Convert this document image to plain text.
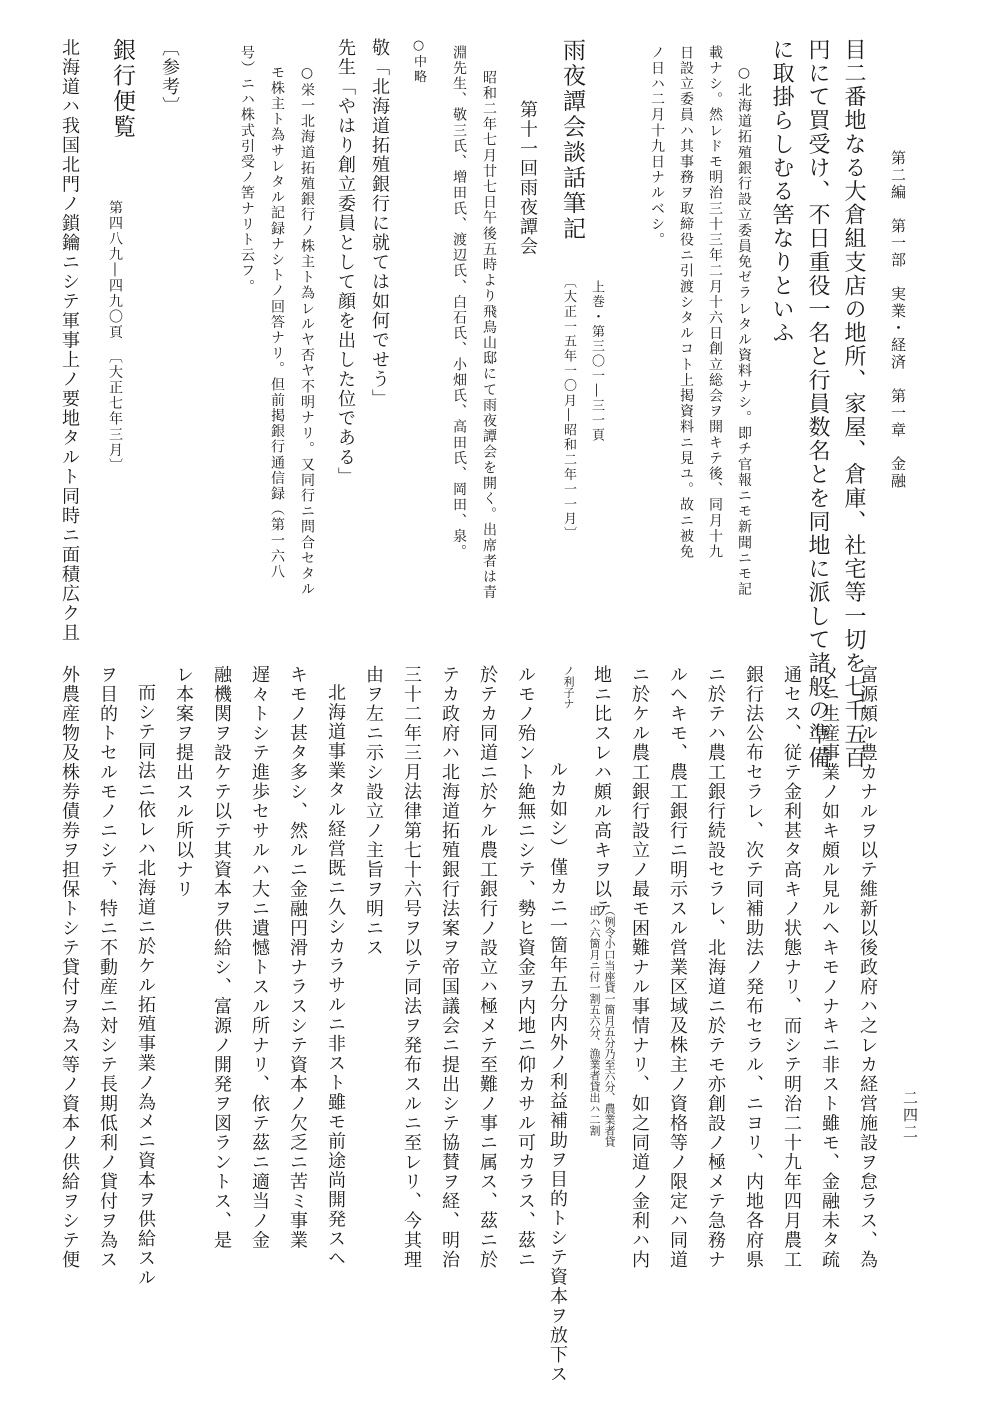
第二編　第一部　実業・経済　第一章　金融
二四二
目二番地なる大倉組支店の地所、家屋、倉庫、社宅等一切を七千五百
円にて買受け、不日重役一名と行員数名とを同地に派して諸般の準備
に取掛らしむる筈なりといふ
○北海道拓殖銀行設立委員免ゼラレタル資料ナシ。即チ官報ニモ新聞ニモ記
載ナシ。然レドモ明治三十三年二月十六日創立総会ヲ開キテ後、同月十九
日設立委員ハ其事務ヲ取締役ニ引渡シタルコト上掲資料ニ見ユ。故ニ被免
ノ日ハ二月十九日ナルベシ。
雨夜譚会談話筆記
上巻・第三〇一―三一頁
〔大正一五年一〇月―昭和二年一一月〕
第十一回雨夜譚会
昭和二年七月廿七日午後五時より飛鳥山邸にて雨夜譚会を開く。出席者は青
淵先生、敬三氏、増田氏、渡辺氏、白石氏、小畑氏、高田氏、岡田、泉。
○中略
敬「北海道拓殖銀行に就ては如何でせう」
先生「やはり創立委員として顔を出した位である」
○栄一北海道拓殖銀行ノ株主ト為レルヤ否ヤ不明ナリ。又同行ニ問合セタル
モ株主ト為サレタル記録ナシトノ回答ナリ。但前掲銀行通信録（第一六八
号）ニハ株式引受ノ筈ナリト云フ。
〔参考〕
銀行便覧
第四八九―四九〇頁　〔大正七年三月〕
北海道ハ我国北門ノ鎖鑰ニシテ軍事上ノ要地タルト同時ニ面積広ク且
富源頗ル豊カナルヲ以テ維新以後政府ハ之レカ経営施設ヲ怠ラス、為
メニ生産事業ノ如キ頗ル見ルヘキモノナキニ非スト雖モ、金融未タ疏
通セス、従テ金利甚タ高キノ状態ナリ、而シテ明治二十九年四月農工
銀行法公布セラレ、次テ同補助法ノ発布セラル、ニヨリ、内地各府県
ニ於テハ農工銀行続設セラレ、北海道ニ於テモ亦創設ノ極メテ急務ナ
ルヘキモ、農工銀行ニ明示スル営業区域及株主ノ資格等ノ限定ハ同道
ニ於ケル農工銀行設立ノ最モ困難ナル事情ナリ、如之同道ノ金利ハ内
地ニ比スレハ頗ル高キヲ以テ
（例令小口当座貸一箇月五分乃至六分、農業者貸
出ハ六箇月ニ付一割五六分、漁業者貸出ハ二割
ノ利子ナ
ルカ如シ）僅カニ一箇年五分内外ノ利益補助ヲ目的トシテ資本ヲ放下ス
ルモノ殆ント絶無ニシテ、勢ヒ資金ヲ内地ニ仰カサル可カラス、茲ニ
於テカ同道ニ於ケル農工銀行ノ設立ハ極メテ至難ノ事ニ属ス、茲ニ於
テカ政府ハ北海道拓殖銀行法案ヲ帝国議会ニ提出シテ協賛ヲ経、明治
三十二年三月法律第七十六号ヲ以テ同法ヲ発布スルニ至レリ、今其理
由ヲ左ニ示シ設立ノ主旨ヲ明ニス
北海道事業タル経営既ニ久シカラサルニ非スト雖モ前途尚開発スヘ
キモノ甚タ多シ、然ルニ金融円滑ナラスシテ資本ノ欠乏ニ苦ミ事業
遅々トシテ進歩セサルハ大ニ遺憾トスル所ナリ、依テ茲ニ適当ノ金
融機関ヲ設ケテ以テ其資本ヲ供給シ、富源ノ開発ヲ図ラントス、是
レ本案ヲ提出スル所以ナリ
而シテ同法ニ依レハ北海道ニ於ケル拓殖事業ノ為メニ資本ヲ供給スル
ヲ目的トセルモノニシテ、特ニ不動産ニ対シテ長期低利ノ貸付ヲ為ス
外農産物及株券債券ヲ担保トシテ貸付ヲ為ス等ノ資本ノ供給ヲシテ便
